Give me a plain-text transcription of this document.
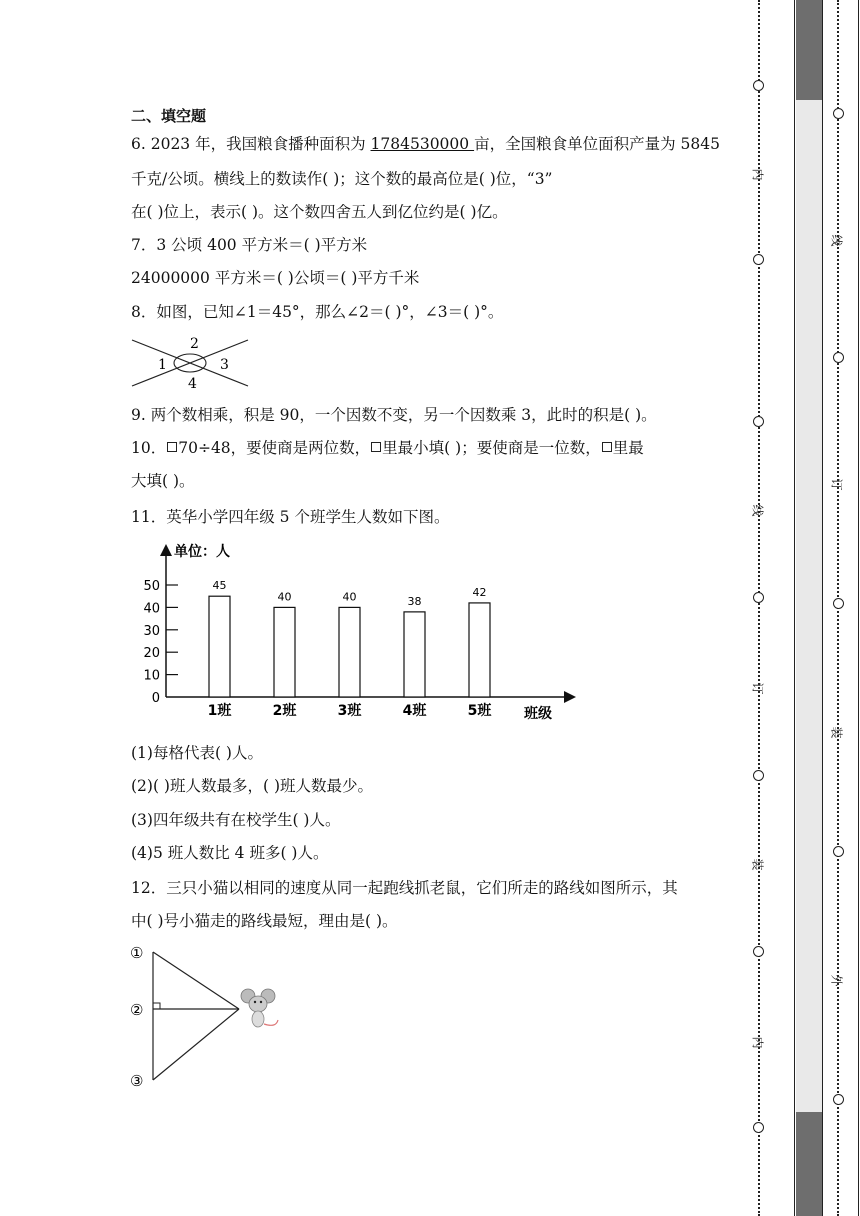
二、填空题
6. 2023 年，我国粮食播种面积为 1784530000 亩，全国粮食单位面积产量为 5845
千克/公顷。横线上的数读作( )；这个数的最高位是( )位，“3”
在( )位上，表示( )。这个数四舍五人到亿位约是( )亿。
7．3 公顷 400 平方米＝( )平方米
24000000 平方米＝( )公顷＝( )平方千米
8．如图，已知∠1＝45°，那么∠2＝( )°，∠3＝( )°。
1
2
3
4
9. 两个数相乘，积是 90，一个因数不变，另一个因数乘 3，此时的积是( )。
10． 70÷48，要使商是两位数， 里最小填( )；要使商是一位数， 里最
大填( )。
11．英华小学四年级 5 个班学生人数如下图。
单位：人
班级
0
10
20
30
40
50	45
1班
40
2班
40
3班
38
4班
42
5班
(1)每格代表( )人。
(2)( )班人数最多，( )班人数最少。
(3)四年级共有在校学生( )人。
(4)5 班人数比 4 班多( )人。
12．三只小猫以相同的速度从同一起跑线抓老鼠，它们所走的路线如图所示，其
中( )号小猫走的路线最短，理由是( )。
①
②
③
内
线
订
装
内
线
订
装
外
